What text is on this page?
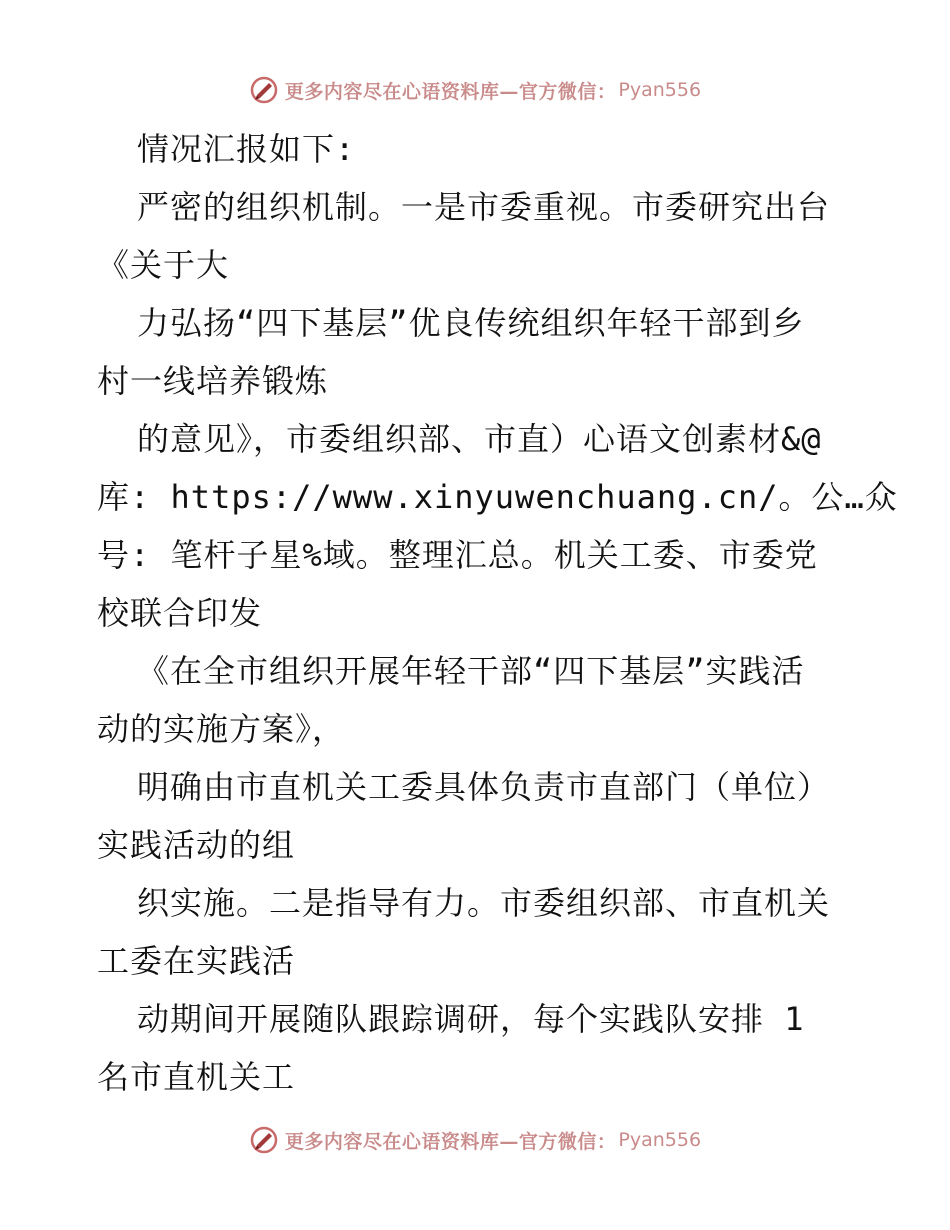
更多内容尽在心语资料库—官方微信： Pyan556
情况汇报如下:
严密的组织机制。一是市委重视。市委研究出台
《关于大
力弘扬“四下基层”优良传统组织年轻干部到乡
村一线培养锻炼
的意见》，市委组织部、市直）心语文创素材&@
库: https://www.xinyuwenchuang.cn/。公…众
号: 笔杆子星%域。整理汇总。机关工委、市委党
校联合印发
《在全市组织开展年轻干部“四下基层”实践活
动的实施方案》，
明确由市直机关工委具体负责市直部门（单位）
实践活动的组
织实施。二是指导有力。市委组织部、市直机关
工委在实践活
动期间开展随队跟踪调研，每个实践队安排 1
名市直机关工
更多内容尽在心语资料库—官方微信： Pyan556
